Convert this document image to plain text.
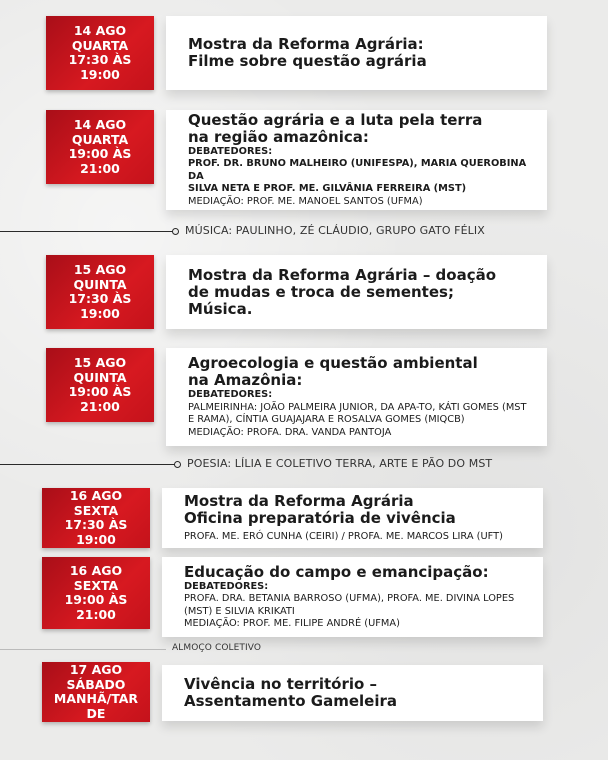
14 AGO
QUARTA
17:30 ÀS
19:00
Mostra da Reforma Agrária:
Filme sobre questão agrária
14 AGO
QUARTA
19:00 ÀS
21:00
Questão agrária e a luta pela terra
na região amazônica:
DEBATEDORES:
PROF. DR. BRUNO MALHEIRO (UNIFESPA), MARIA QUEROBINA DA
SILVA NETA E PROF. ME. GILVÂNIA FERREIRA (MST)
MEDIAÇÃO: PROF. ME. MANOEL SANTOS (UFMA)
MÚSICA: PAULINHO, ZÉ CLÁUDIO, GRUPO GATO FÉLIX
15 AGO
QUINTA
17:30 ÀS
19:00
Mostra da Reforma Agrária – doação
de mudas e troca de sementes;
Música.
15 AGO
QUINTA
19:00 ÀS
21:00
Agroecologia e questão ambiental
na Amazônia:
DEBATEDORES:
PALMEIRINHA: JOÃO PALMEIRA JUNIOR, DA APA-TO, KÁTI GOMES (MST
E RAMA), CÍNTIA GUAJAJARA E ROSALVA GOMES (MIQCB)
MEDIAÇÃO: PROFA. DRA. VANDA PANTOJA
POESIA: LÍLIA E COLETIVO TERRA, ARTE E PÃO DO MST
16 AGO
SEXTA
17:30 ÀS
19:00
Mostra da Reforma Agrária
Oficina preparatória de vivência
PROFA. ME. ERÓ CUNHA (CEIRI) / PROFA. ME. MARCOS LIRA (UFT)
16 AGO
SEXTA
19:00 ÀS
21:00
Educação do campo e emancipação:
DEBATEDORES:
PROFA. DRA. BETANIA BARROSO (UFMA), PROFA. ME. DIVINA LOPES
(MST) E SILVIA KRIKATI
MEDIAÇÃO: PROF. ME. FILIPE ANDRÉ (UFMA)
ALMOÇO COLETIVO
17 AGO
SÁBADO
MANHÃ/TAR
DE
Vivência no território –
Assentamento Gameleira
